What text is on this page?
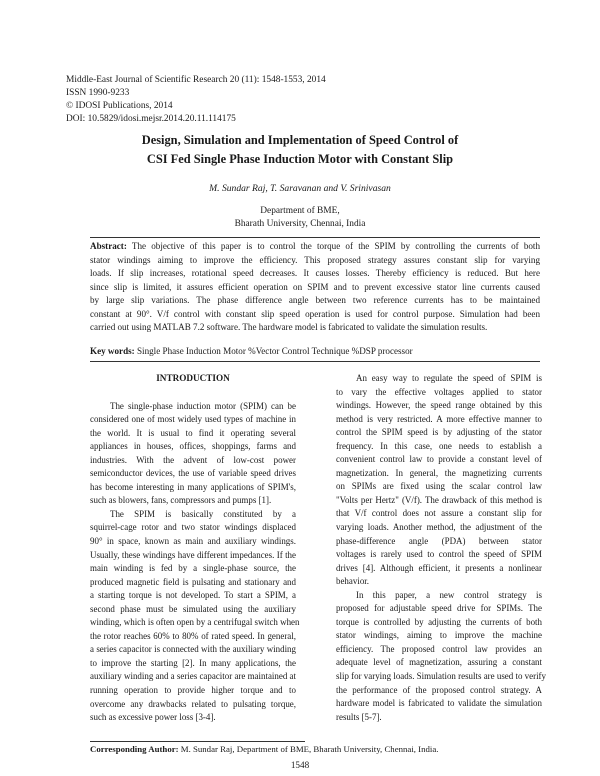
Middle-East Journal of Scientific Research 20 (11): 1548-1553, 2014
ISSN 1990-9233
© IDOSI Publications, 2014
DOI: 10.5829/idosi.mejsr.2014.20.11.114175
Design, Simulation and Implementation of Speed Control of
CSI Fed Single Phase Induction Motor with Constant Slip
M. Sundar Raj, T. Saravanan and V. Srinivasan
Department of BME,
Bharath University, Chennai, India
Abstract: The objective of this paper is to control the torque of the SPIM by controlling the currents of both
stator windings aiming to improve the efficiency. This proposed strategy assures constant slip for varying
loads. If slip increases, rotational speed decreases. It causes losses. Thereby efficiency is reduced. But here
since slip is limited, it assures efficient operation on SPIM and to prevent excessive stator line currents caused
by large slip variations. The phase difference angle between two reference currents has to be maintained
constant at 90°. V/f control with constant slip speed operation is used for control purpose. Simulation had been
carried out using MATLAB 7.2 software. The hardware model is fabricated to validate the simulation results.
Key words: Single Phase Induction Motor %Vector Control Technique %DSP processor
INTRODUCTION
The single-phase induction motor (SPIM) can be
considered one of most widely used types of machine in
the world. It is usual to find it operating several
appliances in houses, offices, shoppings, farms and
industries. With the advent of low-cost power
semiconductor devices, the use of variable speed drives
has become interesting in many applications of SPIM's,
such as blowers, fans, compressors and pumps [1].
The SPIM is basically constituted by a
squirrel-cage rotor and two stator windings displaced
90° in space, known as main and auxiliary windings.
Usually, these windings have different impedances. If the
main winding is fed by a single-phase source, the
produced magnetic field is pulsating and stationary and
a starting torque is not developed. To start a SPIM, a
second phase must be simulated using the auxiliary
winding, which is often open by a centrifugal switch when
the rotor reaches 60% to 80% of rated speed. In general,
a series capacitor is connected with the auxiliary winding
to improve the starting [2]. In many applications, the
auxiliary winding and a series capacitor are maintained at
running operation to provide higher torque and to
overcome any drawbacks related to pulsating torque,
such as excessive power loss [3-4].
An easy way to regulate the speed of SPIM is
to vary the effective voltages applied to stator
windings. However, the speed range obtained by this
method is very restricted. A more effective manner to
control the SPIM speed is by adjusting of the stator
frequency. In this case, one needs to establish a
convenient control law to provide a constant level of
magnetization. In general, the magnetizing currents
on SPIMs are fixed using the scalar control law
"Volts per Hertz" (V/f). The drawback of this method is
that V/f control does not assure a constant slip for
varying loads. Another method, the adjustment of the
phase-difference angle (PDA) between stator
voltages is rarely used to control the speed of SPIM
drives [4]. Although efficient, it presents a nonlinear
behavior.
In this paper, a new control strategy is
proposed for adjustable speed drive for SPIMs. The
torque is controlled by adjusting the currents of both
stator windings, aiming to improve the machine
efficiency. The proposed control law provides an
adequate level of magnetization, assuring a constant
slip for varying loads. Simulation results are used to verify
the performance of the proposed control strategy. A
hardware model is fabricated to validate the simulation
results [5-7].
Corresponding Author: M. Sundar Raj, Department of BME, Bharath University, Chennai, India.
1548
